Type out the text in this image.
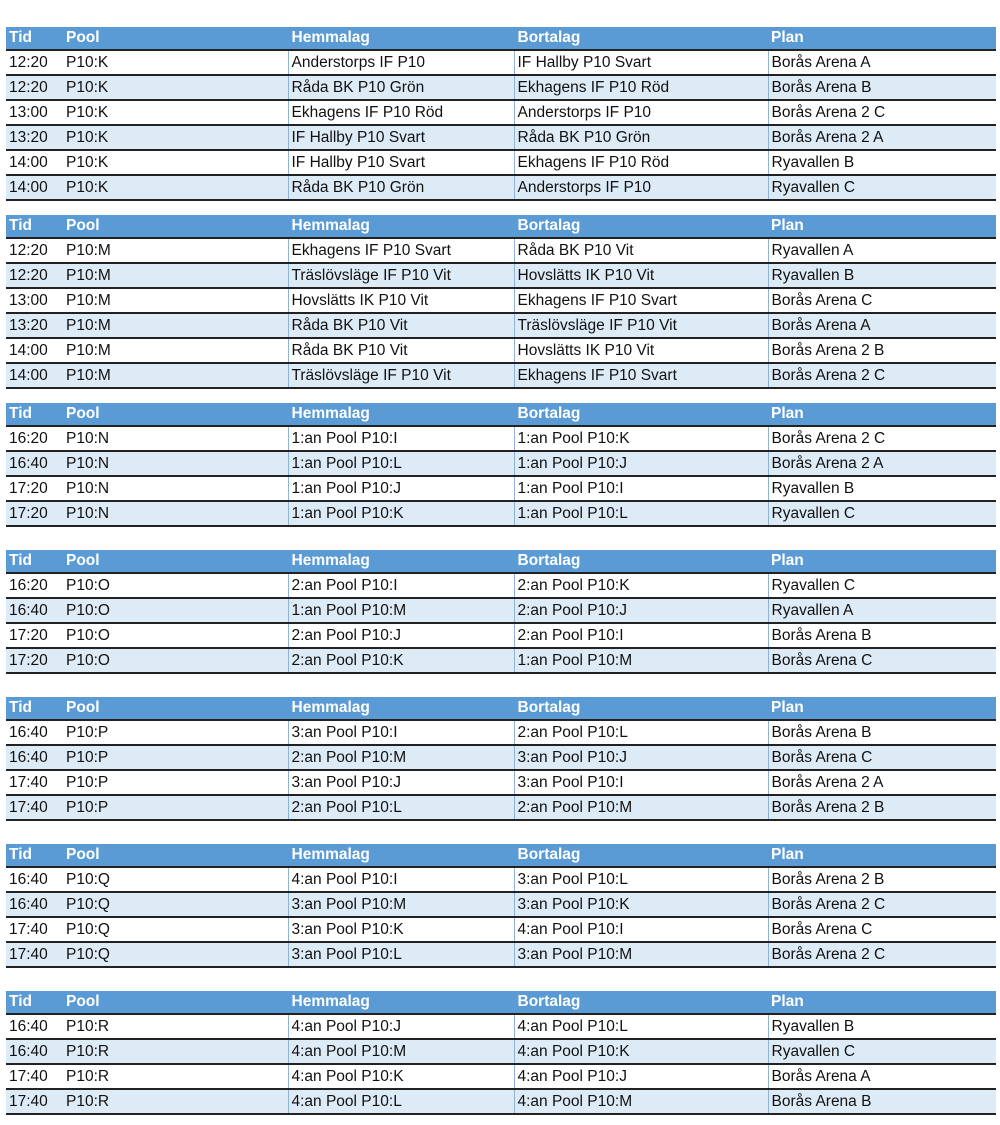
Tid	Pool	Hemmalag	Bortalag		Plan
12:20	P10:K	Anderstorps IF P10	IF Hallby P10 Svart		Borås Arena A
12:20	P10:K	Råda BK P10 Grön	Ekhagens IF P10 Röd		Borås Arena B
13:00	P10:K	Ekhagens IF P10 Röd	Anderstorps IF P10		Borås Arena 2 C
13:20	P10:K	IF Hallby P10 Svart	Råda BK P10 Grön		Borås Arena 2 A
14:00	P10:K	IF Hallby P10 Svart	Ekhagens IF P10 Röd		Ryavallen B
14:00	P10:K	Råda BK P10 Grön	Anderstorps IF P10		Ryavallen C
Tid	Pool	Hemmalag	Bortalag		Plan
12:20	P10:M	Ekhagens IF P10 Svart	Råda BK P10 Vit		Ryavallen A
12:20	P10:M	Träslövsläge IF P10 Vit	Hovslätts IK P10 Vit		Ryavallen B
13:00	P10:M	Hovslätts IK P10 Vit	Ekhagens IF P10 Svart		Borås Arena C
13:20	P10:M	Råda BK P10 Vit	Träslövsläge IF P10 Vit		Borås Arena A
14:00	P10:M	Råda BK P10 Vit	Hovslätts IK P10 Vit		Borås Arena 2 B
14:00	P10:M	Träslövsläge IF P10 Vit	Ekhagens IF P10 Svart		Borås Arena 2 C
Tid	Pool	Hemmalag	Bortalag		Plan
16:20	P10:N	1:an Pool P10:I	1:an Pool P10:K		Borås Arena 2 C
16:40	P10:N	1:an Pool P10:L	1:an Pool P10:J		Borås Arena 2 A
17:20	P10:N	1:an Pool P10:J	1:an Pool P10:I		Ryavallen B
17:20	P10:N	1:an Pool P10:K	1:an Pool P10:L		Ryavallen C
Tid	Pool	Hemmalag	Bortalag		Plan
16:20	P10:O	2:an Pool P10:I	2:an Pool P10:K		Ryavallen C
16:40	P10:O	1:an Pool P10:M	2:an Pool P10:J		Ryavallen A
17:20	P10:O	2:an Pool P10:J	2:an Pool P10:I		Borås Arena B
17:20	P10:O	2:an Pool P10:K	1:an Pool P10:M		Borås Arena C
Tid	Pool	Hemmalag	Bortalag		Plan
16:40	P10:P	3:an Pool P10:I	2:an Pool P10:L		Borås Arena B
16:40	P10:P	2:an Pool P10:M	3:an Pool P10:J		Borås Arena C
17:40	P10:P	3:an Pool P10:J	3:an Pool P10:I		Borås Arena 2 A
17:40	P10:P	2:an Pool P10:L	2:an Pool P10:M		Borås Arena 2 B
Tid	Pool	Hemmalag	Bortalag		Plan
16:40	P10:Q	4:an Pool P10:I	3:an Pool P10:L		Borås Arena 2 B
16:40	P10:Q	3:an Pool P10:M	3:an Pool P10:K		Borås Arena 2 C
17:40	P10:Q	3:an Pool P10:K	4:an Pool P10:I		Borås Arena C
17:40	P10:Q	3:an Pool P10:L	3:an Pool P10:M		Borås Arena 2 C
Tid	Pool	Hemmalag	Bortalag		Plan
16:40	P10:R	4:an Pool P10:J	4:an Pool P10:L		Ryavallen B
16:40	P10:R	4:an Pool P10:M	4:an Pool P10:K		Ryavallen C
17:40	P10:R	4:an Pool P10:K	4:an Pool P10:J		Borås Arena A
17:40	P10:R	4:an Pool P10:L	4:an Pool P10:M		Borås Arena B
